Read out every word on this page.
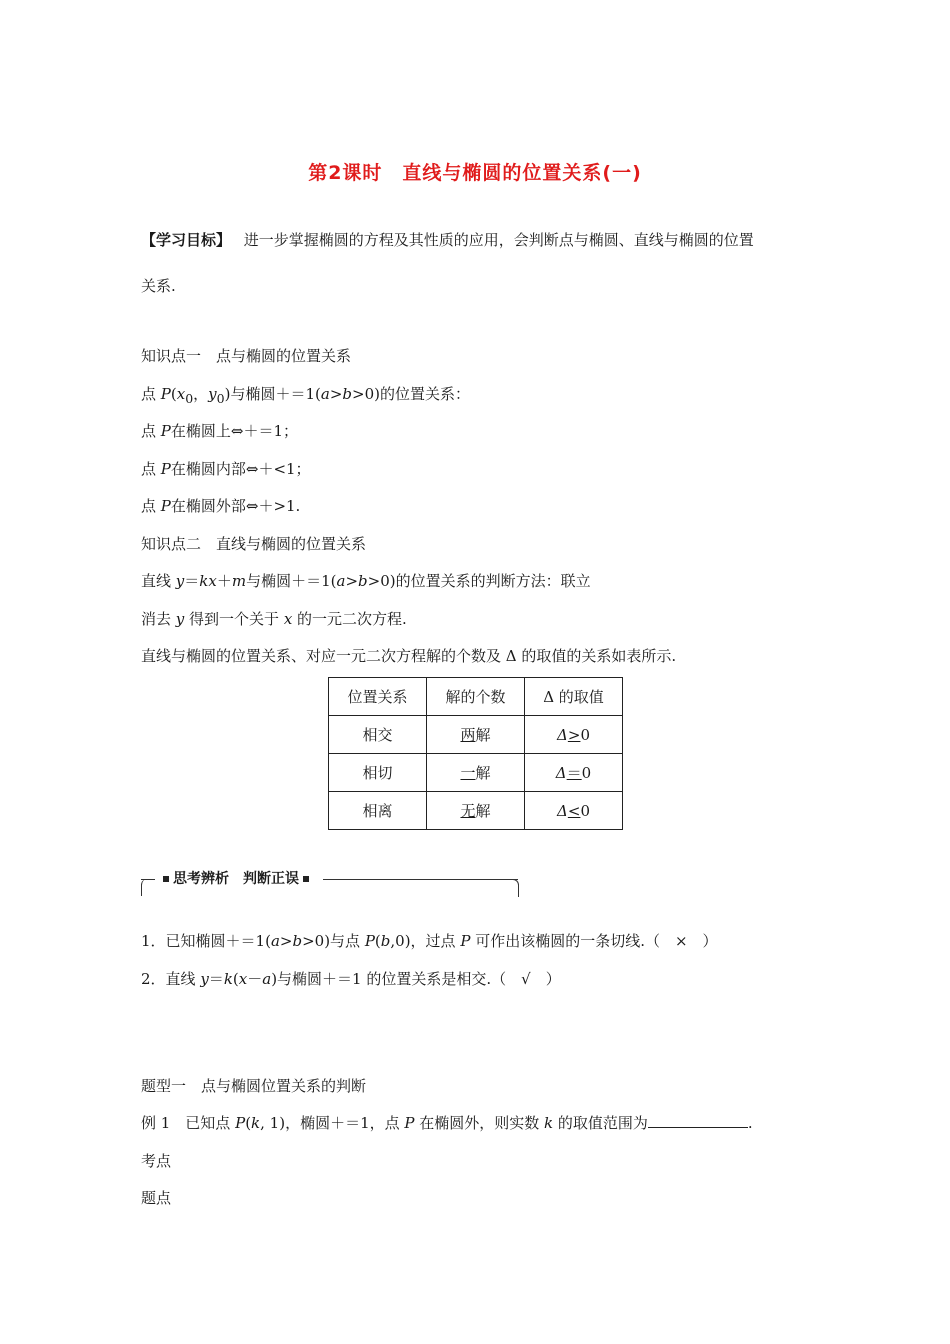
第2课时　直线与椭圆的位置关系(一)
【学习目标】 进一步掌握椭圆的方程及其性质的应用，会判断点与椭圆、直线与椭圆的位置
关系.
知识点一　点与椭圆的位置关系
点 $P(x_0$，$y_0$)与椭圆＋＝1(a>b>0)的位置关系：
点 P在椭圆上⇔＋＝1；
点 P在椭圆内部⇔＋<1；
点 P在椭圆外部⇔＋>1.
知识点二　直线与椭圆的位置关系
直线 y＝kx＋m与椭圆＋＝1(a>b>0)的位置关系的判断方法：联立
消去 y 得到一个关于 x 的一元二次方程.
直线与椭圆的位置关系、对应一元二次方程解的个数及 Δ 的取值的关系如表所示.
位置关系	解的个数	Δ 的取值
相交	两解	Δ>0
相切	一解	Δ＝0
相离	无解	Δ<0
思考辨析 判断正误
1．已知椭圆＋＝1(a>b>0)与点 P(b,0)，过点 P 可作出该椭圆的一条切线.（　×　）
2．直线 y＝k(x－a)与椭圆＋＝1 的位置关系是相交.（　√　）
题型一　点与椭圆位置关系的判断
例 1　已知点 P(k, 1)，椭圆＋＝1，点 P 在椭圆外，则实数 k 的取值范围为	.
考点
题点
